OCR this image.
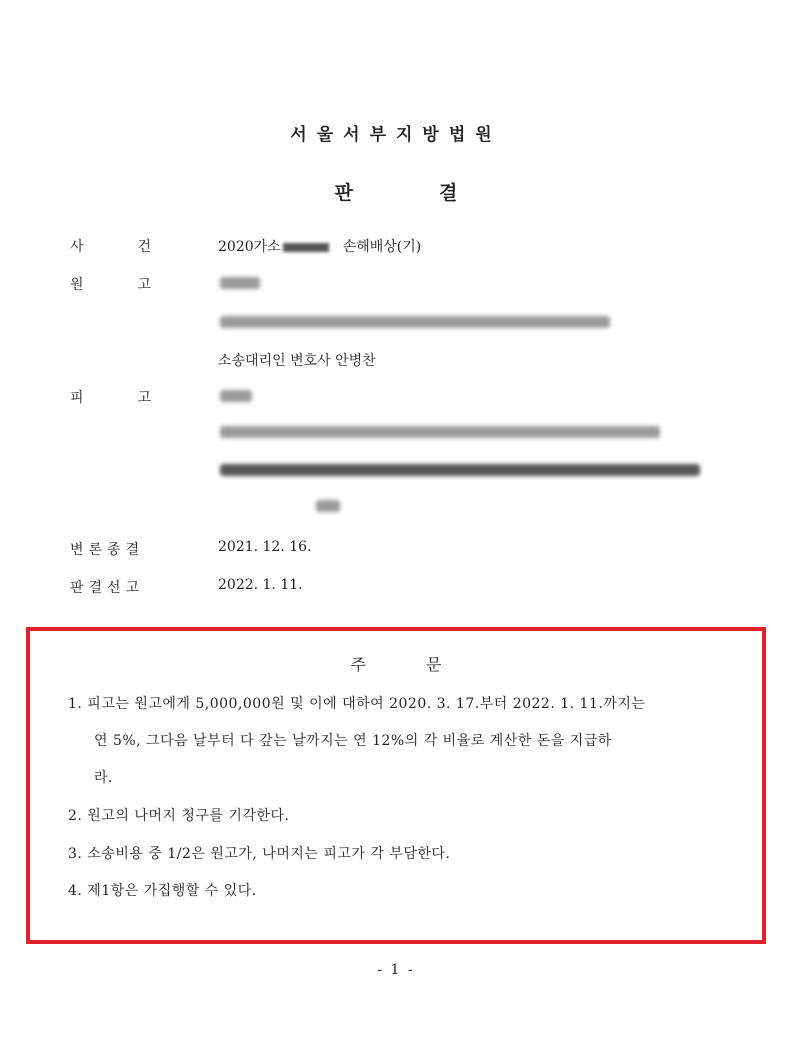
서울서부지방법원
판	결
사	건	2020가소	손해배상(기)
원	고
소송대리인 변호사 안병찬
피	고
변론종결	2021. 12. 16.
판결선고	2022. 1. 11.
주	문
1. 피고는 원고에게 5,000,000원 및 이에 대하여 2020. 3. 17.부터 2022. 1. 11.까지는
연 5%, 그다음 날부터 다 갚는 날까지는 연 12%의 각 비율로 계산한 돈을 지급하
라.
2. 원고의 나머지 청구를 기각한다.
3. 소송비용 중 1/2은 원고가, 나머지는 피고가 각 부담한다.
4. 제1항은 가집행할 수 있다.
- 1 -
